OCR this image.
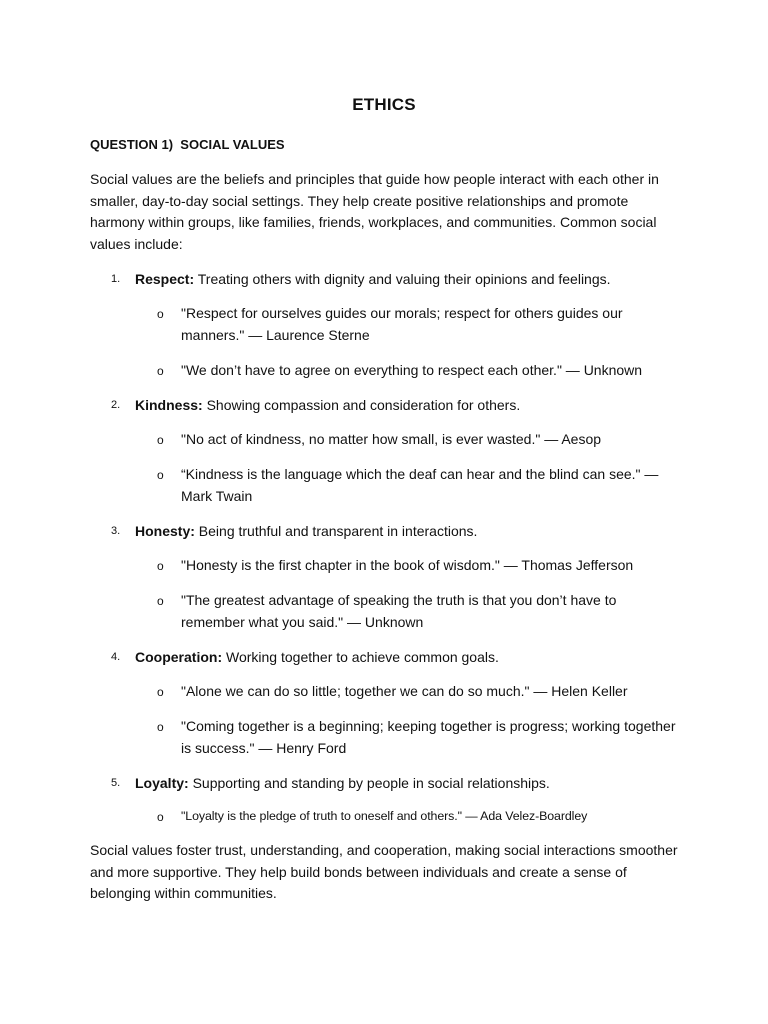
ETHICS
QUESTION 1)  SOCIAL VALUES
Social values are the beliefs and principles that guide how people interact with each other in smaller, day-to-day social settings. They help create positive relationships and promote harmony within groups, like families, friends, workplaces, and communities. Common social values include:
1.	Respect: Treating others with dignity and valuing their opinions and feelings.
o	"Respect for ourselves guides our morals; respect for others guides our manners." — Laurence Sterne
o	"We don’t have to agree on everything to respect each other." — Unknown
2.	Kindness: Showing compassion and consideration for others.
o	"No act of kindness, no matter how small, is ever wasted." — Aesop
o	“Kindness is the language which the deaf can hear and the blind can see." — Mark Twain
3.	Honesty: Being truthful and transparent in interactions.
o	"Honesty is the first chapter in the book of wisdom." — Thomas Jefferson
o	"The greatest advantage of speaking the truth is that you don’t have to remember what you said." — Unknown
4.	Cooperation: Working together to achieve common goals.
o	"Alone we can do so little; together we can do so much." — Helen Keller
o	"Coming together is a beginning; keeping together is progress; working together is success." — Henry Ford
5.	Loyalty: Supporting and standing by people in social relationships.
o	"Loyalty is the pledge of truth to oneself and others." — Ada Velez-Boardley
Social values foster trust, understanding, and cooperation, making social interactions smoother and more supportive. They help build bonds between individuals and create a sense of belonging within communities.
